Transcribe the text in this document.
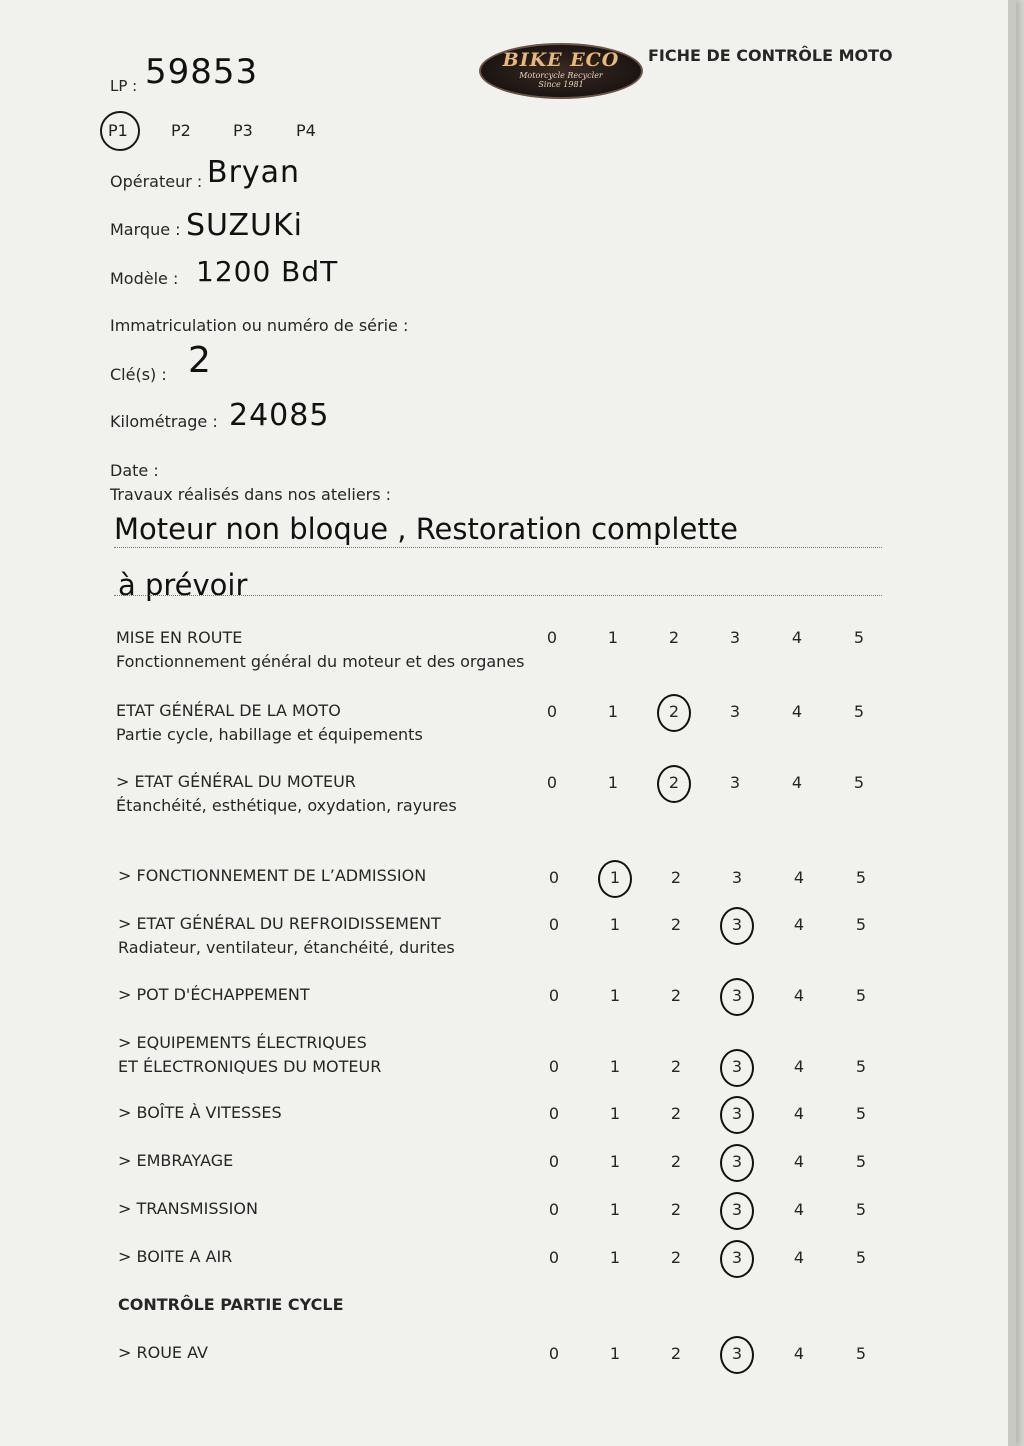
LP : 59853	BIKE ECO
Motorcycle Recycler
Since 1981
FICHE DE CONTRÔLE MOTO
P1	P2	P3	P4
Opérateur : Bryan
Marque : SUZUKi
Modèle : 1200 BdT
Immatriculation ou numéro de série :
Clé(s) : 2
Kilométrage : 24085
Date :
Travaux réalisés dans nos ateliers :
Moteur non bloque , Restoration complette
à prévoir
MISE EN ROUTE
Fonctionnement général du moteur et des organes
0	1	2	3	4	5
ETAT GÉNÉRAL DE LA MOTO
Partie cycle, habillage et équipements
0	1	2	3	4	5
> ETAT GÉNÉRAL DU MOTEUR
Étanchéité, esthétique, oxydation, rayures
0	1	2	3	4	5
> FONCTIONNEMENT DE L’ADMISSION	0	1	2	3	4	5
> ETAT GÉNÉRAL DU REFROIDISSEMENT
Radiateur, ventilateur, étanchéité, durites
0	1	2	3	4	5
> POT D'ÉCHAPPEMENT	0	1	2	3	4	5
> EQUIPEMENTS ÉLECTRIQUES
ET ÉLECTRONIQUES DU MOTEUR	0	1	2	3	4	5
> BOÎTE À VITESSES	0	1	2	3	4	5
> EMBRAYAGE	0	1	2	3	4	5
> TRANSMISSION	0	1	2	3	4	5
> BOITE A AIR	0	1	2	3	4	5
CONTRÔLE PARTIE CYCLE
> ROUE AV	0	1	2	3	4	5
